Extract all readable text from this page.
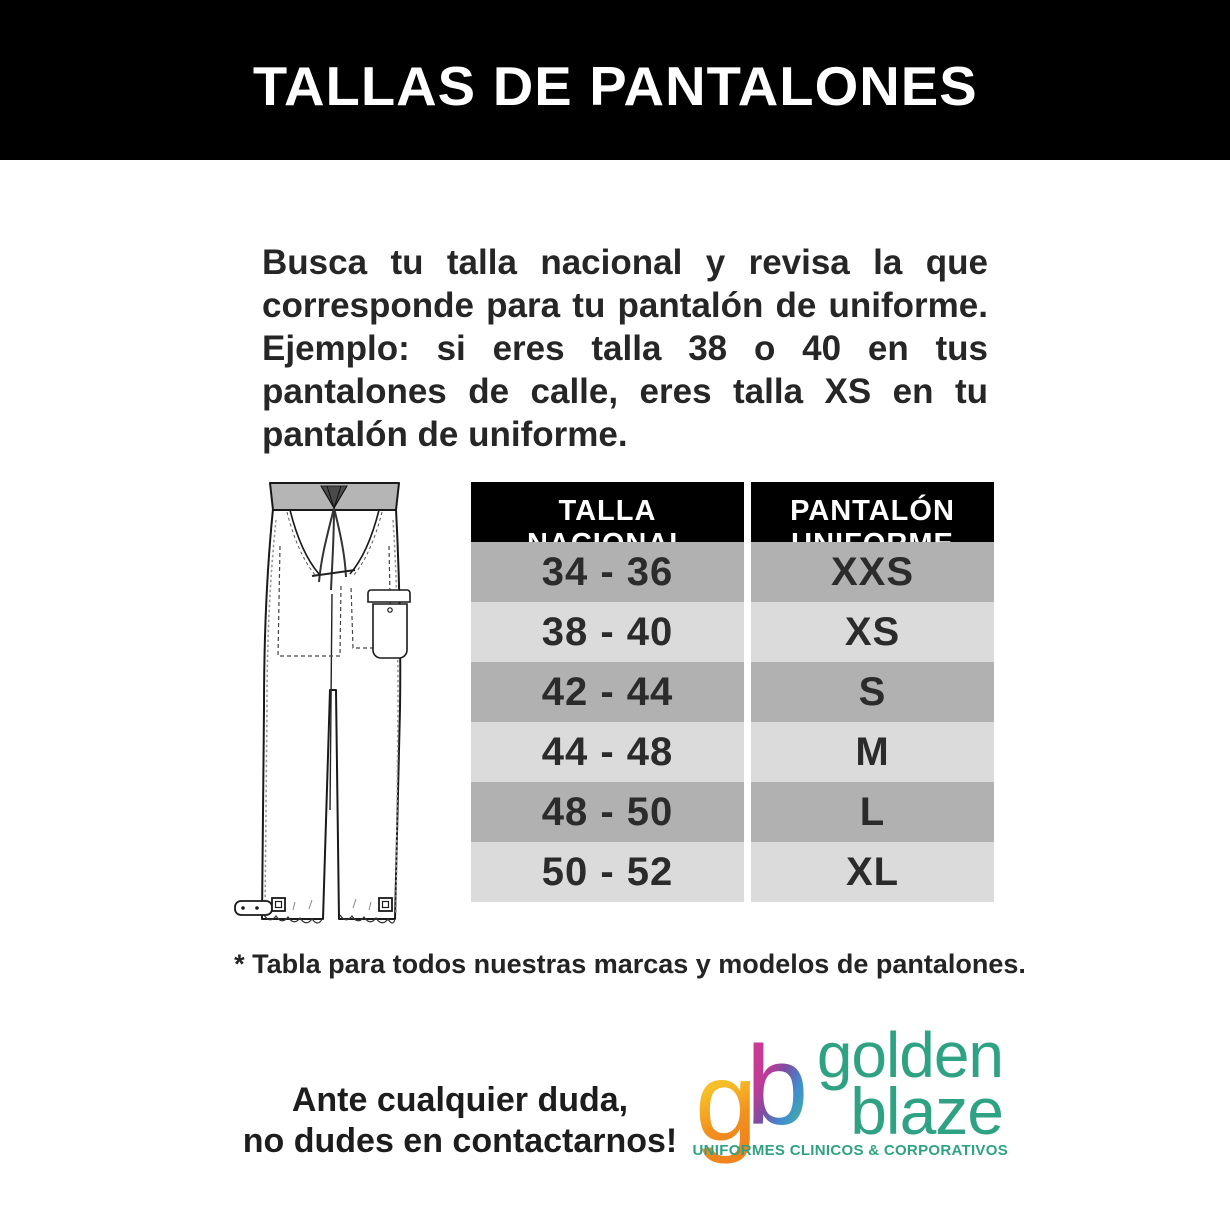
TALLAS DE PANTALONES

Busca tu talla nacional y revisa la que corresponde para tu pantalón de uniforme. Ejemplo: si eres talla 38 o 40 en tus pantalones de calle, eres talla XS en tu pantalón de uniforme.

TALLA	PANTALÓN
34 - 36	XXS
38 - 40	XS
42 - 44	S
44 - 48	M
48 - 50	L
50 - 52	XL
* Tabla para todos nuestras marcas y modelos de pantalones.
Ante cualquier duda,
no dudes en contactarnos! g
b golden
blaze
UNIFORMES CLINICOS & CORPORATIVOS
